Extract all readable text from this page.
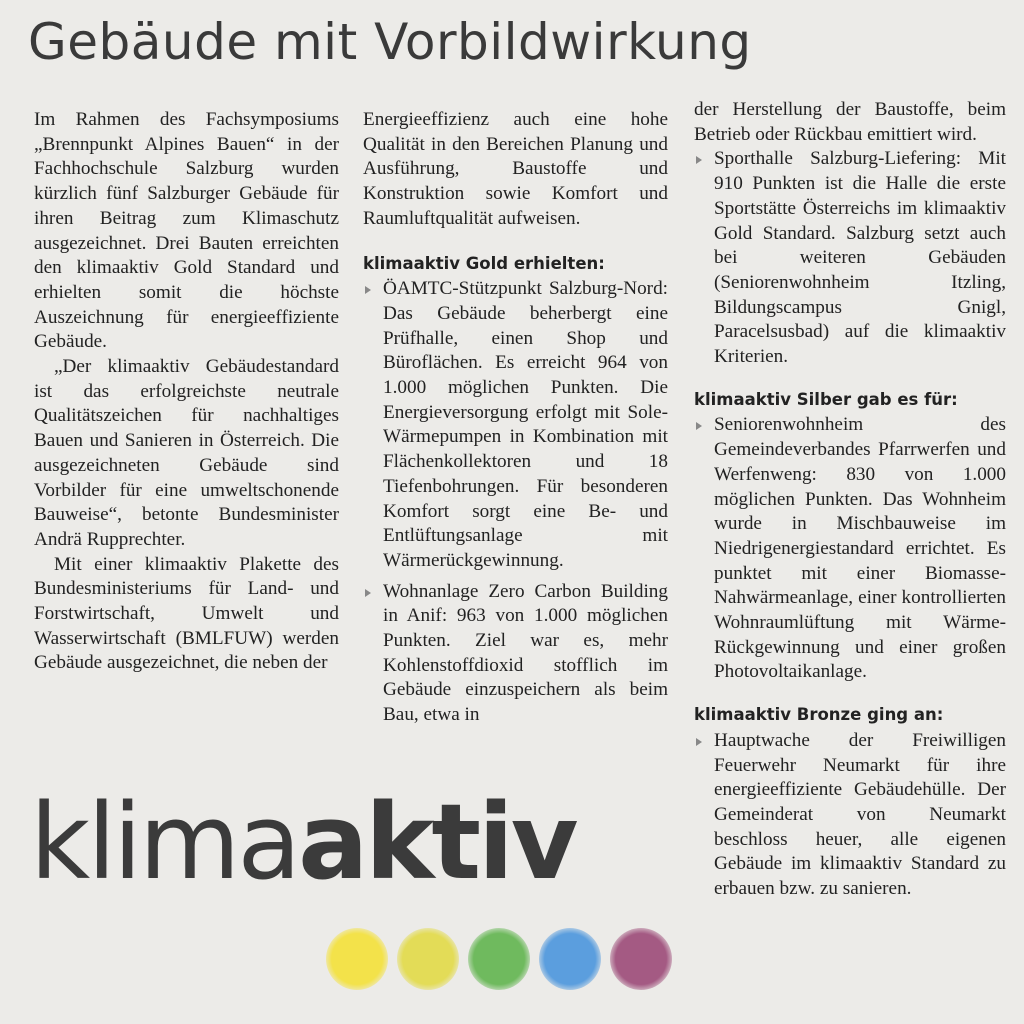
Gebäude mit Vorbildwirkung

Im Rahmen des Fachsymposiums „Brennpunkt Alpines Bauen“ in der Fachhochschule Salzburg wurden kürzlich fünf Salzburger Gebäude für ihren Beitrag zum Klimaschutz ausgezeichnet. Drei Bauten erreichten den klimaaktiv Gold Standard und erhielten somit die höchste Auszeichnung für energieeffiziente Gebäude.

„Der klimaaktiv Gebäudestandard ist das erfolgreichste neutrale Qualitätszeichen für nachhaltiges Bauen und Sanieren in Österreich. Die ausgezeichneten Gebäude sind Vorbilder für eine umweltschonende Bauweise“, betonte Bundesminister Andrä Rupprechter.

Mit einer klimaaktiv Plakette des Bundesministeriums für Land- und Forstwirtschaft, Umwelt und Wasserwirtschaft (BMLFUW) werden Gebäude ausgezeichnet, die neben der

Energieeffizienz auch eine hohe Qualität in den Bereichen Planung und Ausführung, Baustoffe und Konstruktion sowie Komfort und Raumluftqualität aufweisen.

klimaaktiv Gold erhielten:

ÖAMTC-Stützpunkt Salzburg-Nord: Das Gebäude beherbergt eine Prüfhalle, einen Shop und Büroflächen. Es erreicht 964 von 1.000 möglichen Punkten. Die Energieversorgung erfolgt mit Sole-Wärmepumpen in Kombination mit Flächenkollektoren und 18 Tiefenbohrungen. Für besonderen Komfort sorgt eine Be- und Entlüftungsanlage mit Wärmerückgewinnung.

Wohnanlage Zero Carbon Building in Anif: 963 von 1.000 möglichen Punkten. Ziel war es, mehr Kohlenstoffdioxid stofflich im Gebäude einzuspeichern als beim Bau, etwa in

der Herstellung der Baustoffe, beim Betrieb oder Rückbau emittiert wird.

Sporthalle Salzburg-Liefering: Mit 910 Punkten ist die Halle die erste Sportstätte Österreichs im klimaaktiv Gold Standard. Salzburg setzt auch bei weiteren Gebäuden (Seniorenwohnheim Itzling, Bildungscampus Gnigl, Paracelsusbad) auf die klimaaktiv Kriterien.

klimaaktiv Silber gab es für:

Seniorenwohnheim des Gemeindeverbandes Pfarrwerfen und Werfenweng: 830 von 1.000 möglichen Punkten. Das Wohnheim wurde in Mischbauweise im Niedrigenergiestandard errichtet. Es punktet mit einer Biomasse-Nahwärmeanlage, einer kontrollierten Wohnraumlüftung mit Wärme-Rückgewinnung und einer großen Photovoltaikanlage.

klimaaktiv Bronze ging an:

Hauptwache der Freiwilligen Feuerwehr Neumarkt für ihre energieeffiziente Gebäudehülle. Der Gemeinderat von Neumarkt beschloss heuer, alle eigenen Gebäude im klimaaktiv Standard zu erbauen bzw. zu sanieren.

klimaaktiv
